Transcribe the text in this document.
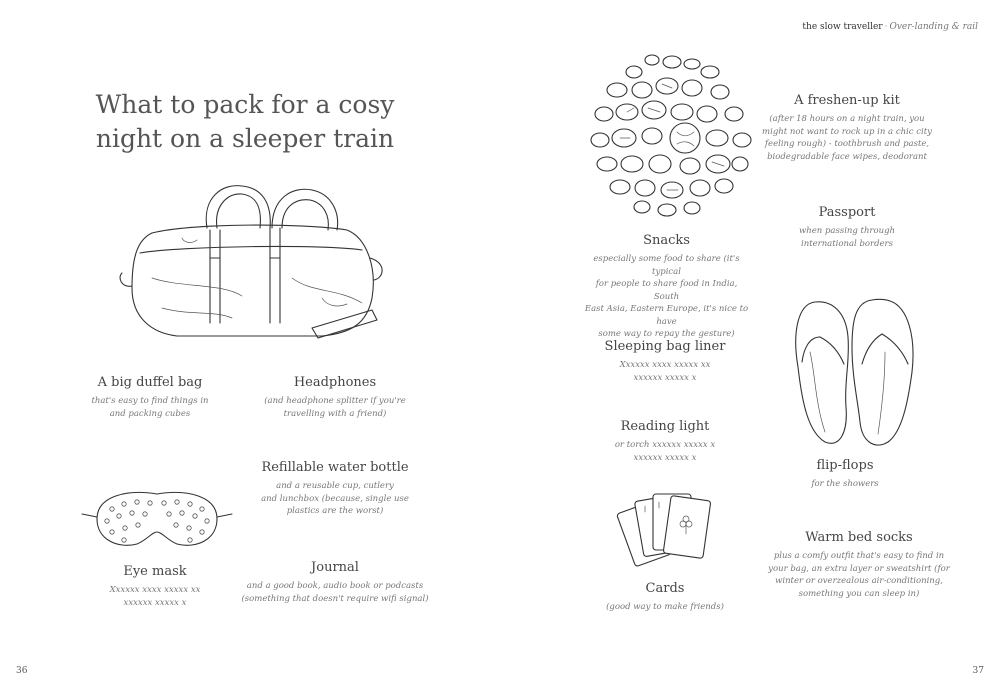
What to pack for a cosy
night on a sleeper train
A big duffel bag
that's easy to find things in
and packing cubes
Headphones
(and headphone splitter if you're
travelling with a friend)
Refillable water bottle
and a reusable cup, cutlery
and lunchbox (because, single use
plastics are the worst)
Eye mask
Xxxxxx xxxx xxxxx xx
xxxxxx xxxxx x
Journal
and a good book, audio book or podcasts
(something that doesn't require wifi signal)
36
the slow traveller · Over-landing & rail
A freshen-up kit
(after 18 hours on a night train, you
might not want to rock up in a chic city
feeling rough) - toothbrush and paste,
biodegradable face wipes, deodorant
Passport
when passing through
international borders
Snacks
especially some food to share (it's typical
for people to share food in India, South
East Asia, Eastern Europe, it's nice to have
some way to repay the gesture)
Sleeping bag liner
Xxxxxx xxxx xxxxx xx
xxxxxx xxxxx x
Reading light
or torch xxxxxx xxxxx x
xxxxxx xxxxx x
flip-flops
for the showers
Cards
(good way to make friends)
Warm bed socks
plus a comfy outfit that's easy to find in
your bag, an extra layer or sweatshirt (for
winter or overzealous air-conditioning,
something you can sleep in)
37
